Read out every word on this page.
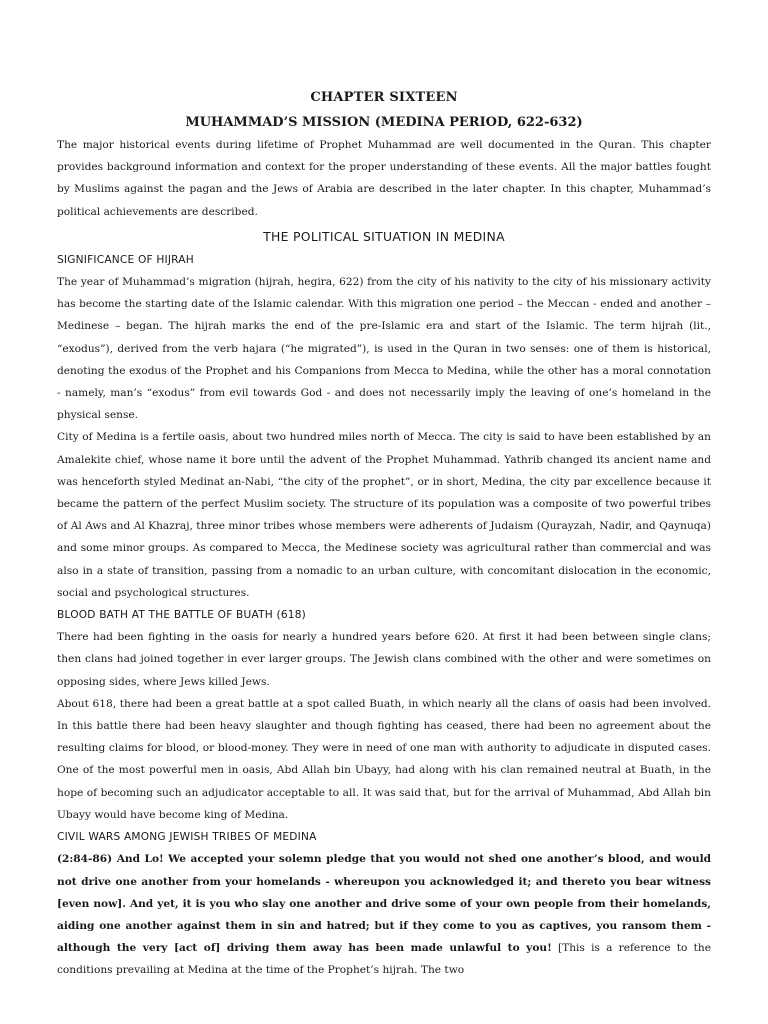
CHAPTER SIXTEEN
MUHAMMAD’S MISSION (MEDINA PERIOD, 622-632)

The major historical events during lifetime of Prophet Muhammad are well documented in the Quran. This chapter provides background information and context for the proper understanding of these events. All the major battles fought by Muslims against the pagan and the Jews of Arabia are described in the later chapter. In this chapter, Muhammad’s political achievements are described.

THE POLITICAL SITUATION IN MEDINA
SIGNIFICANCE OF HIJRAH

The year of Muhammad’s migration (hijrah, hegira, 622) from the city of his nativity to the city of his missionary activity has become the starting date of the Islamic calendar. With this migration one period – the Meccan - ended and another – Medinese – began. The hijrah marks the end of the pre-Islamic era and start of the Islamic. The term hijrah (lit., “exodus”), derived from the verb hajara (“he migrated”), is used in the Quran in two senses: one of them is historical, denoting the exodus of the Prophet and his Companions from Mecca to Medina, while the other has a moral connotation - namely, man’s “exodus” from evil towards God - and does not necessarily imply the leaving of one’s homeland in the physical sense.

City of Medina is a fertile oasis, about two hundred miles north of Mecca. The city is said to have been established by an Amalekite chief, whose name it bore until the advent of the Prophet Muhammad. Yathrib changed its ancient name and was henceforth styled Medinat an-Nabi, “the city of the prophet”, or in short, Medina, the city par excellence because it became the pattern of the perfect Muslim society. The structure of its population was a composite of two powerful tribes of Al Aws and Al Khazraj, three minor tribes whose members were adherents of Judaism (Qurayzah, Nadir, and Qaynuqa) and some minor groups. As compared to Mecca, the Medinese society was agricultural rather than commercial and was also in a state of transition, passing from a nomadic to an urban culture, with concomitant dislocation in the economic, social and psychological structures.

BLOOD BATH AT THE BATTLE OF BUATH (618)

There had been fighting in the oasis for nearly a hundred years before 620. At first it had been between single clans; then clans had joined together in ever larger groups. The Jewish clans combined with the other and were sometimes on opposing sides, where Jews killed Jews.

About 618, there had been a great battle at a spot called Buath, in which nearly all the clans of oasis had been involved. In this battle there had been heavy slaughter and though fighting has ceased, there had been no agreement about the resulting claims for blood, or blood-money. They were in need of one man with authority to adjudicate in disputed cases. One of the most powerful men in oasis, Abd Allah bin Ubayy, had along with his clan remained neutral at Buath, in the hope of becoming such an adjudicator acceptable to all. It was said that, but for the arrival of Muhammad, Abd Allah bin Ubayy would have become king of Medina.

CIVIL WARS AMONG JEWISH TRIBES OF MEDINA

(2:84-86) And Lo! We accepted your solemn pledge that you would not shed one another’s blood, and would not drive one another from your homelands - whereupon you acknowledged it; and thereto you bear witness [even now]. And yet, it is you who slay one another and drive some of your own people from their homelands, aiding one another against them in sin and hatred; but if they come to you as captives, you ransom them - although the very [act of] driving them away has been made unlawful to you! [This is a reference to the conditions prevailing at Medina at the time of the Prophet’s hijrah. The two
